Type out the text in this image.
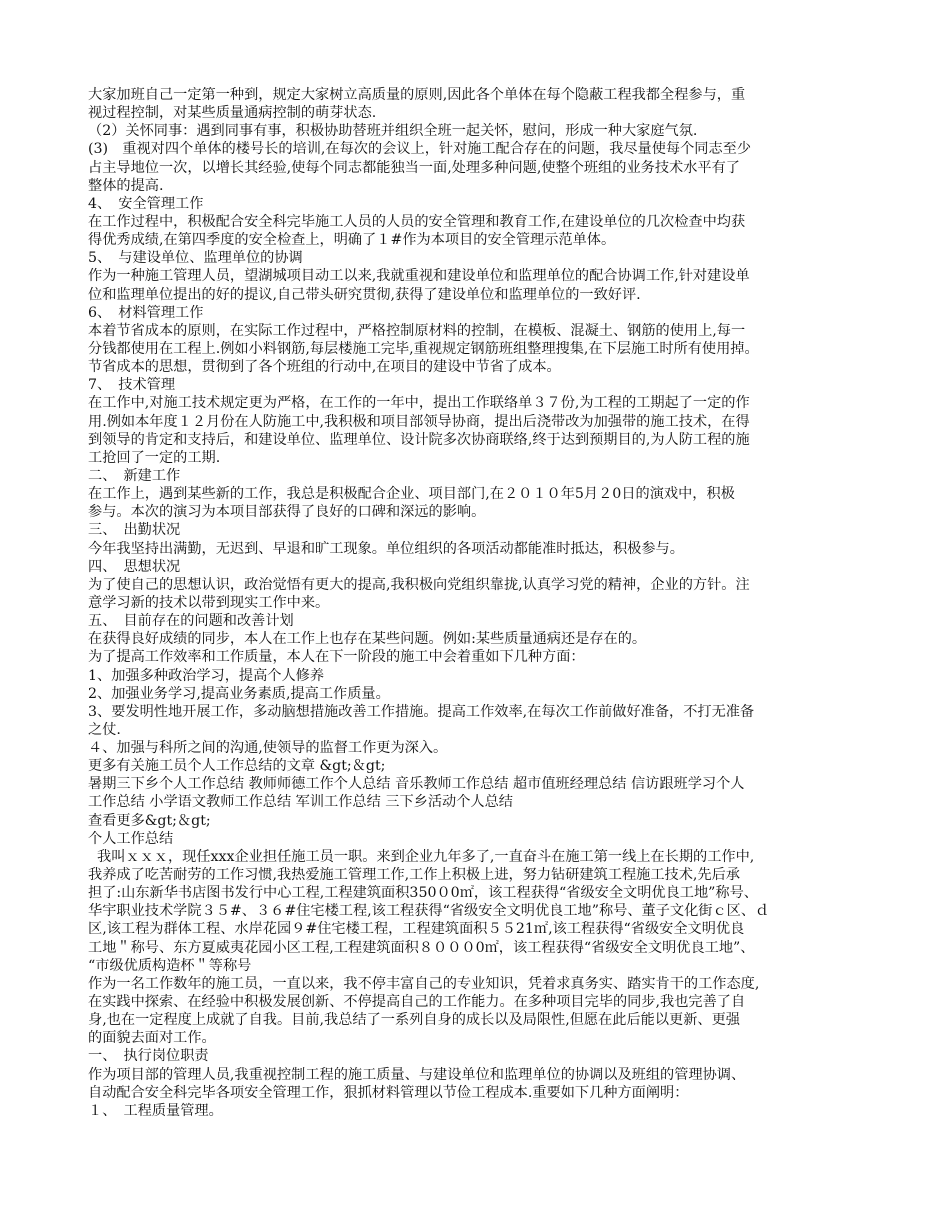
大家加班自己一定第一种到，规定大家树立高质量的原则,因此各个单体在每个隐蔽工程我都全程参与，重
视过程控制，对某些质量通病控制的萌芽状态.
（2）关怀同事：遇到同事有事，积极协助替班并组织全班一起关怀，慰问，形成一种大家庭气氛.
(3)　重视对四个单体的楼号长的培训,在每次的会议上，针对施工配合存在的问题，我尽量使每个同志至少
占主导地位一次，以增长其经验,使每个同志都能独当一面,处理多种问题,使整个班组的业务技术水平有了
整体的提高.
4、　安全管理工作
在工作过程中，积极配合安全科完毕施工人员的人员的安全管理和教育工作,在建设单位的几次检查中均获
得优秀成绩,在第四季度的安全检查上，明确了１#作为本项目的安全管理示范单体。
5、　与建设单位、监理单位的协调
作为一种施工管理人员，望湖城项目动工以来,我就重视和建设单位和监理单位的配合协调工作,针对建设单
位和监理单位提出的好的提议,自己带头研究贯彻,获得了建设单位和监理单位的一致好评.
6、　材料管理工作
本着节省成本的原则，在实际工作过程中，严格控制原材料的控制，在模板、混凝土、钢筋的使用上,每一
分钱都使用在工程上.例如小料钢筋,每层楼施工完毕,重视规定钢筋班组整理搜集,在下层施工时所有使用掉。
节省成本的思想，贯彻到了各个班组的行动中,在项目的建设中节省了成本。
7、　技术管理
在工作中,对施工技术规定更为严格，在工作的一年中，提出工作联络单３７份,为工程的工期起了一定的作
用.例如本年度１２月份在人防施工中,我积极和项目部领导协商，提出后浇带改为加强带的施工技术，在得
到领导的肯定和支持后，和建设单位、监理单位、设计院多次协商联络,终于达到预期目的,为人防工程的施
工抢回了一定的工期.
二、　新建工作
在工作上，遇到某些新的工作，我总是积极配合企业、项目部门,在２０１０年5月２0日的演戏中，积极
参与。本次的演习为本项目部获得了良好的口碑和深远的影响。
三、　出勤状况
今年我坚持出满勤，无迟到、早退和旷工现象。单位组织的各项活动都能准时抵达，积极参与。
四、　思想状况
为了使自己的思想认识，政治觉悟有更大的提高,我积极向党组织靠拢,认真学习党的精神，企业的方针。注
意学习新的技术以带到现实工作中来。
五、　目前存在的问题和改善计划
在获得良好成绩的同步，本人在工作上也存在某些问题。例如:某些质量通病还是存在的。
为了提高工作效率和工作质量，本人在下一阶段的施工中会着重如下几种方面：
1、加强多种政治学习，提高个人修养
2、加强业务学习,提高业务素质,提高工作质量。
3、要发明性地开展工作，多动脑想措施改善工作措施。提高工作效率,在每次工作前做好准备，不打无准备
之仗.
４、加强与科所之间的沟通,使领导的监督工作更为深入。
更多有关施工员个人工作总结的文章 &gt;＆gt;
暑期三下乡个人工作总结 教师师德工作个人总结 音乐教师工作总结 超市值班经理总结 信访跟班学习个人
工作总结 小学语文教师工作总结 军训工作总结 三下乡活动个人总结
查看更多&gt;＆gt;
个人工作总结
我叫ｘｘｘ，现任xxx企业担任施工员一职。来到企业九年多了,一直奋斗在施工第一线上在长期的工作中,
我养成了吃苦耐劳的工作习惯,我热爱施工管理工作,工作上积极上进，努力钻研建筑工程施工技术,先后承
担了:山东新华书店图书发行中心工程,工程建筑面积350０0㎡，该工程获得“省级安全文明优良工地”称号、
华宇职业技术学院３５#、３６#住宅楼工程,该工程获得“省级安全文明优良工地”称号、董子文化街ｃ区、ｄ
区,该工程为群体工程、水岸花园９#住宅楼工程，工程建筑面积５５21㎡,该工程获得“省级安全文明优良
工地＂称号、东方夏威夷花园小区工程,工程建筑面积８０００0㎡，该工程获得“省级安全文明优良工地”、
“市级优质构造杯＂等称号
作为一名工作数年的施工员，一直以来，我不停丰富自己的专业知识，凭着求真务实、踏实肯干的工作态度,
在实践中探索、在经验中积极发展创新、不停提高自己的工作能力。在多种项目完毕的同步,我也完善了自
身,也在一定程度上成就了自我。目前,我总结了一系列自身的成长以及局限性,但愿在此后能以更新、更强
的面貌去面对工作。
一、　执行岗位职责
作为项目部的管理人员,我重视控制工程的施工质量、与建设单位和监理单位的协调以及班组的管理协调、
自动配合安全科完毕各项安全管理工作，狠抓材料管理以节俭工程成本.重要如下几种方面阐明：
１、　工程质量管理。
